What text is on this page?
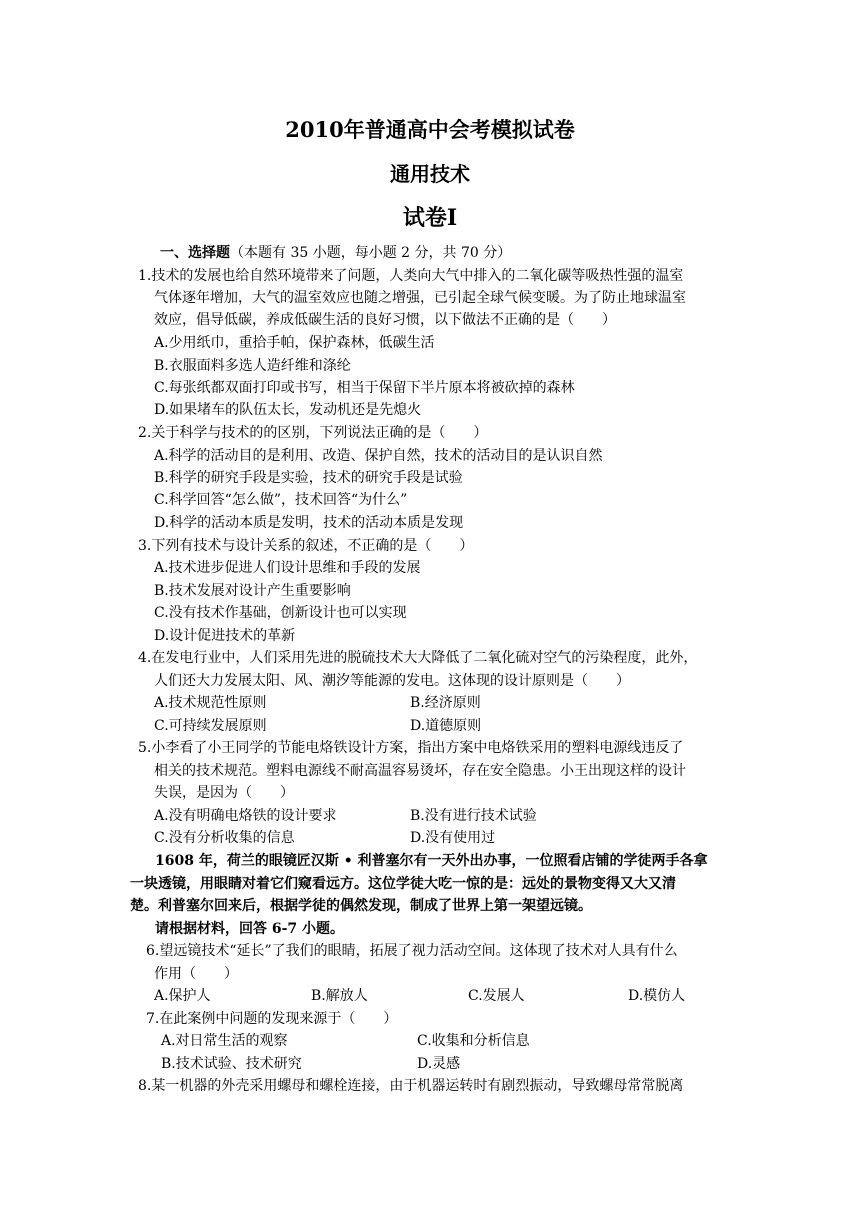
2010年普通高中会考模拟试卷
通用技术
试卷Ⅰ
一、选择题（本题有 35 小题，每小题 2 分，共 70 分）
1.技术的发展也给自然环境带来了问题，人类向大气中排入的二氧化碳等吸热性强的温室
气体逐年增加，大气的温室效应也随之增强，已引起全球气候变暖。为了防止地球温室
效应，倡导低碳，养成低碳生活的良好习惯，以下做法不正确的是（　　）
A.少用纸巾，重拾手帕，保护森林，低碳生活
B.衣服面料多选人造纤维和涤纶
C.每张纸都双面打印或书写，相当于保留下半片原本将被砍掉的森林
D.如果堵车的队伍太长，发动机还是先熄火
2.关于科学与技术的的区别，下列说法正确的是（　　）
A.科学的活动目的是利用、改造、保护自然，技术的活动目的是认识自然
B.科学的研究手段是实验，技术的研究手段是试验
C.科学回答“怎么做”，技术回答“为什么”
D.科学的活动本质是发明，技术的活动本质是发现
3.下列有技术与设计关系的叙述，不正确的是（　　）
A.技术进步促进人们设计思维和手段的发展
B.技术发展对设计产生重要影响
C.没有技术作基础，创新设计也可以实现
D.设计促进技术的革新
4.在发电行业中，人们采用先进的脱硫技术大大降低了二氧化硫对空气的污染程度，此外，
人们还大力发展太阳、风、潮汐等能源的发电。这体现的设计原则是（　　）
A.技术规范性原则	B.经济原则
C.可持续发展原则	D.道德原则
5.小李看了小王同学的节能电烙铁设计方案，指出方案中电烙铁采用的塑料电源线违反了
相关的技术规范。塑料电源线不耐高温容易烫坏，存在安全隐患。小王出现这样的设计
失误，是因为（　　）
A.没有明确电烙铁的设计要求	B.没有进行技术试验
C.没有分析收集的信息	D.没有使用过
1608 年，荷兰的眼镜匠汉斯 • 利普塞尔有一天外出办事，一位照看店铺的学徒两手各拿
一块透镜，用眼睛对着它们窥看远方。这位学徒大吃一惊的是：远处的景物变得又大又清
楚。利普塞尔回来后，根据学徒的偶然发现，制成了世界上第一架望远镜。
请根据材料，回答 6-7 小题。
6.望远镜技术“延长”了我们的眼睛，拓展了视力活动空间。这体现了技术对人具有什么
作用（　　）
A.保护人	B.解放人	C.发展人	D.模仿人
7.在此案例中问题的发现来源于（　　）
A.对日常生活的观察	C.收集和分析信息
B.技术试验、技术研究	D.灵感
8.某一机器的外壳采用螺母和螺栓连接，由于机器运转时有剧烈振动，导致螺母常常脱离
